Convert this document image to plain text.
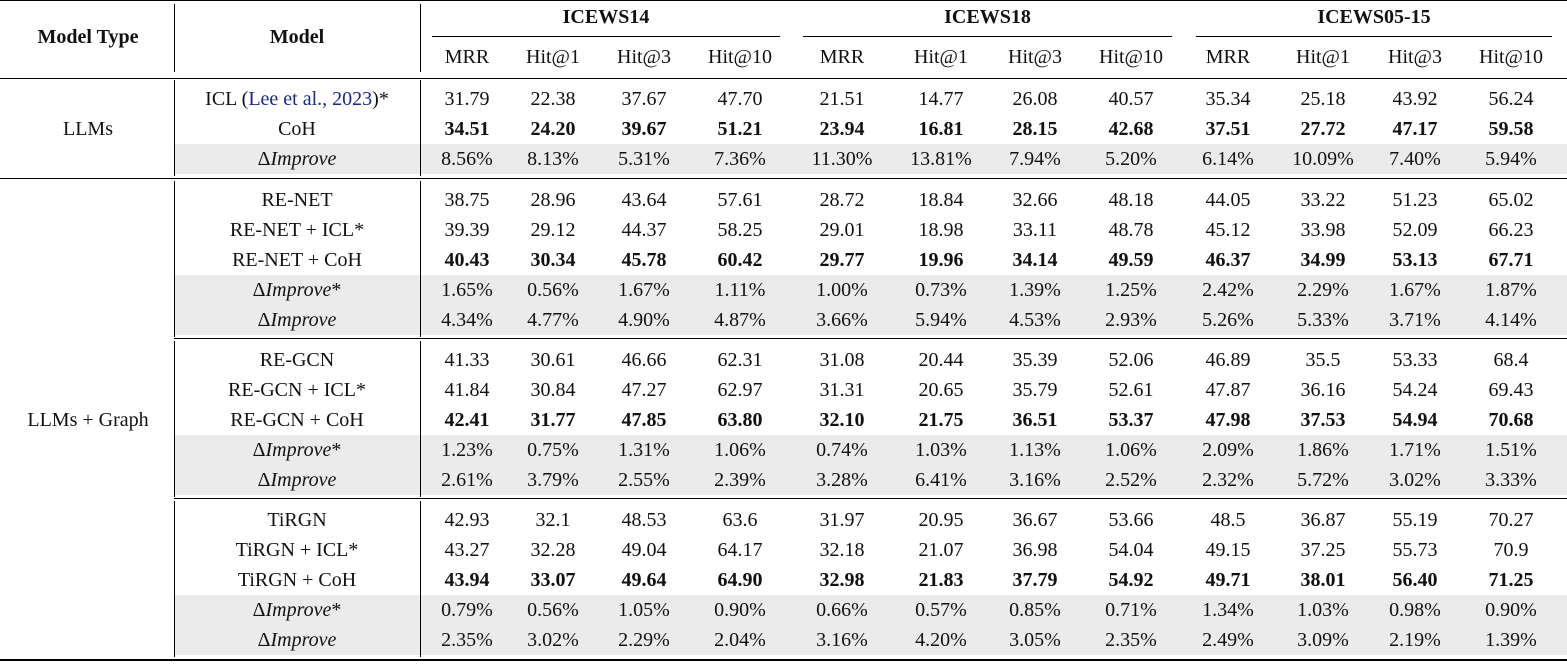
Model Type	Model
ICEWS14	ICEWS18	ICEWS05-15
MRR	Hit@1	Hit@3	Hit@10	MRR	Hit@1	Hit@3	Hit@10	MRR	Hit@1	Hit@3	Hit@10
ICL (Lee et al., 2023)*	31.79	22.38	37.67	47.70	21.51	14.77	26.08	40.57	35.34	25.18	43.92	56.24
CoH	34.51	24.20	39.67	51.21	23.94	16.81	28.15	42.68	37.51	27.72	47.17	59.58
ΔImprove	8.56%	8.13%	5.31%	7.36%	11.30%	13.81%	7.94%	5.20%	6.14%	10.09%	7.40%	5.94%
LLMs
RE-NET	38.75	28.96	43.64	57.61	28.72	18.84	32.66	48.18	44.05	33.22	51.23	65.02
RE-NET + ICL*	39.39	29.12	44.37	58.25	29.01	18.98	33.11	48.78	45.12	33.98	52.09	66.23
RE-NET + CoH	40.43	30.34	45.78	60.42	29.77	19.96	34.14	49.59	46.37	34.99	53.13	67.71
ΔImprove*	1.65%	0.56%	1.67%	1.11%	1.00%	0.73%	1.39%	1.25%	2.42%	2.29%	1.67%	1.87%
ΔImprove	4.34%	4.77%	4.90%	4.87%	3.66%	5.94%	4.53%	2.93%	5.26%	5.33%	3.71%	4.14%
RE-GCN	41.33	30.61	46.66	62.31	31.08	20.44	35.39	52.06	46.89	35.5	53.33	68.4
RE-GCN + ICL*	41.84	30.84	47.27	62.97	31.31	20.65	35.79	52.61	47.87	36.16	54.24	69.43
RE-GCN + CoH	42.41	31.77	47.85	63.80	32.10	21.75	36.51	53.37	47.98	37.53	54.94	70.68
ΔImprove*	1.23%	0.75%	1.31%	1.06%	0.74%	1.03%	1.13%	1.06%	2.09%	1.86%	1.71%	1.51%
ΔImprove	2.61%	3.79%	2.55%	2.39%	3.28%	6.41%	3.16%	2.52%	2.32%	5.72%	3.02%	3.33%
TiRGN	42.93	32.1	48.53	63.6	31.97	20.95	36.67	53.66	48.5	36.87	55.19	70.27
TiRGN + ICL*	43.27	32.28	49.04	64.17	32.18	21.07	36.98	54.04	49.15	37.25	55.73	70.9
TiRGN + CoH	43.94	33.07	49.64	64.90	32.98	21.83	37.79	54.92	49.71	38.01	56.40	71.25
ΔImprove*	0.79%	0.56%	1.05%	0.90%	0.66%	0.57%	0.85%	0.71%	1.34%	1.03%	0.98%	0.90%
ΔImprove	2.35%	3.02%	2.29%	2.04%	3.16%	4.20%	3.05%	2.35%	2.49%	3.09%	2.19%	1.39%
LLMs + Graph
